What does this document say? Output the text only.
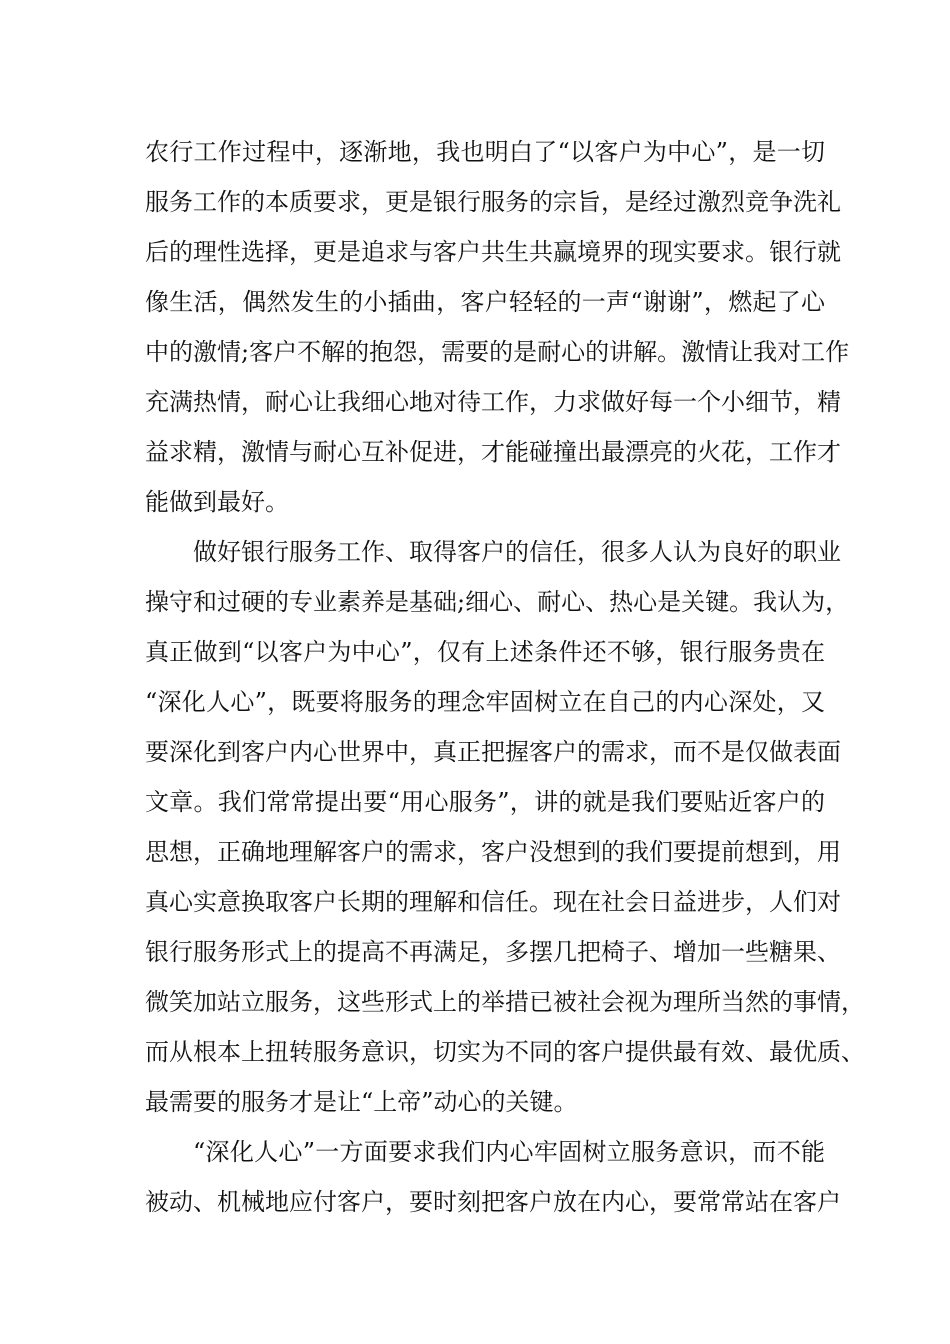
农行工作过程中，逐渐地，我也明白了“以客户为中心”，是一切
服务工作的本质要求，更是银行服务的宗旨，是经过激烈竞争洗礼
后的理性选择，更是追求与客户共生共赢境界的现实要求。银行就
像生活，偶然发生的小插曲，客户轻轻的一声“谢谢”，燃起了心
中的激情;客户不解的抱怨，需要的是耐心的讲解。激情让我对工作
充满热情，耐心让我细心地对待工作，力求做好每一个小细节，精
益求精，激情与耐心互补促进，才能碰撞出最漂亮的火花，工作才
能做到最好。
做好银行服务工作、取得客户的信任，很多人认为良好的职业
操守和过硬的专业素养是基础;细心、耐心、热心是关键。我认为，
真正做到“以客户为中心”，仅有上述条件还不够，银行服务贵在
“深化人心”，既要将服务的理念牢固树立在自己的内心深处，又
要深化到客户内心世界中，真正把握客户的需求，而不是仅做表面
文章。我们常常提出要“用心服务”，讲的就是我们要贴近客户的
思想，正确地理解客户的需求，客户没想到的我们要提前想到，用
真心实意换取客户长期的理解和信任。现在社会日益进步，人们对
银行服务形式上的提高不再满足，多摆几把椅子、增加一些糖果、
微笑加站立服务，这些形式上的举措已被社会视为理所当然的事情，
而从根本上扭转服务意识，切实为不同的客户提供最有效、最优质、
最需要的服务才是让“上帝”动心的关键。
“深化人心”一方面要求我们内心牢固树立服务意识，而不能
被动、机械地应付客户，要时刻把客户放在内心，要常常站在客户
